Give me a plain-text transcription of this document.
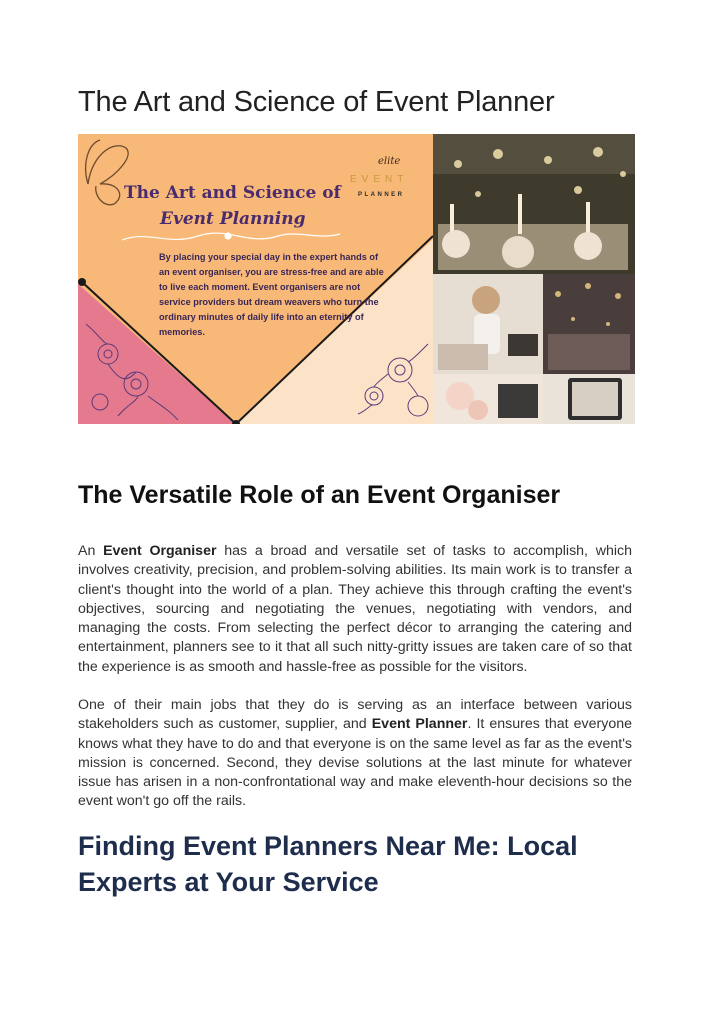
The Art and Science of Event Planner
elite
EVENT
PLANNER
The Art and Science of
Event Planning
By placing your special day in the expert hands of
an event organiser, you are stress-free and are able
to live each moment. Event organisers are not
service providers but dream weavers who turn the
ordinary minutes of daily life into an eternity of
memories.
The Versatile Role of an Event Organiser

An Event Organiser has a broad and versatile set of tasks to accomplish, which involves creativity, precision, and problem-solving abilities. Its main work is to transfer a client's thought into the world of a plan. They achieve this through crafting the event's objectives, sourcing and negotiating the venues, negotiating with vendors, and managing the costs. From selecting the perfect décor to arranging the catering and entertainment, planners see to it that all such nitty-gritty issues are taken care of so that the experience is as smooth and hassle-free as possible for the visitors.

One of their main jobs that they do is serving as an interface between various stakeholders such as customer, supplier, and Event Planner. It ensures that everyone knows what they have to do and that everyone is on the same level as far as the event's mission is concerned. Second, they devise solutions at the last minute for whatever issue has arisen in a non-confrontational way and make eleventh-hour decisions so the event won't go off the rails.

Finding Event Planners Near Me: Local Experts at Your Service
